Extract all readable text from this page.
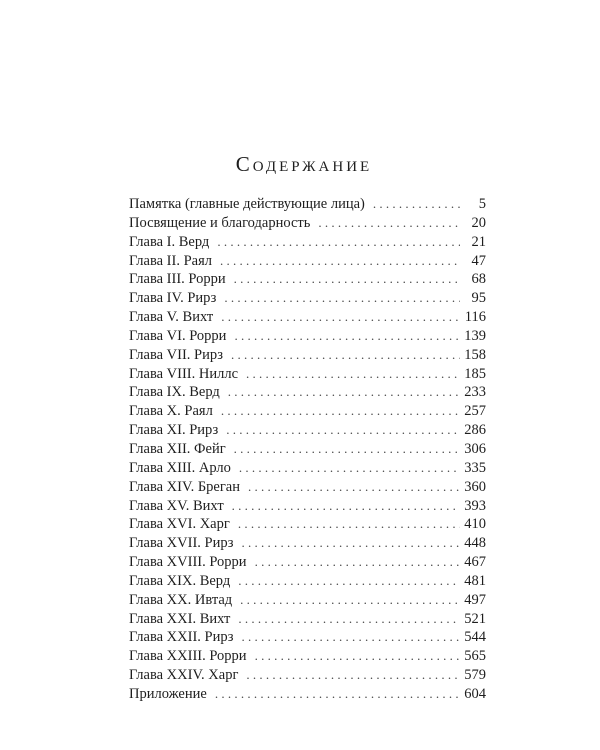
Содержание
Памятка (главные действующие лица) . . .	5
Посвящение и благодарность . . .	20
Глава I. Верд . . .	21
Глава II. Раял . . .	47
Глава III. Рорри . . .	68
Глава IV. Рирз . . .	95
Глава V. Вихт . . .	116
Глава VI. Рорри . . .	139
Глава VII. Рирз . . .	158
Глава VIII. Ниллс . . .	185
Глава IX. Верд . . .	233
Глава X. Раял . . .	257
Глава XI. Рирз . . .	286
Глава XII. Фейг . . .	306
Глава XIII. Арло . . .	335
Глава XIV. Бреган . . .	360
Глава XV. Вихт . . .	393
Глава XVI. Харг . . .	410
Глава XVII. Рирз . . .	448
Глава XVIII. Рорри . . .	467
Глава XIX. Верд . . .	481
Глава XX. Ивтад . . .	497
Глава XXI. Вихт . . .	521
Глава XXII. Рирз . . .	544
Глава XXIII. Рорри . . .	565
Глава XXIV. Харг . . .	579
Приложение . . .	604
